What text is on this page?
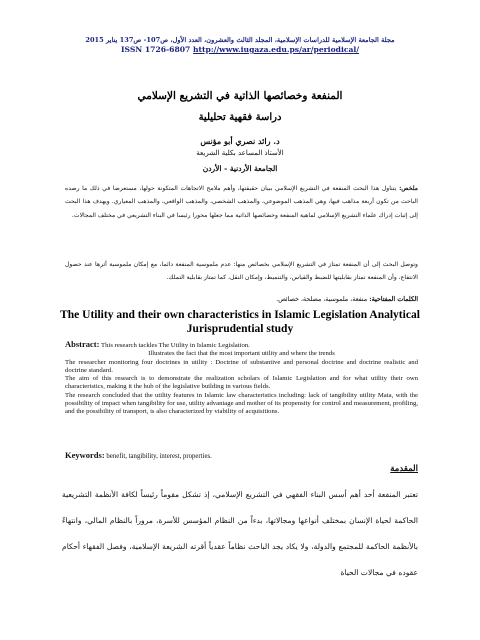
مجلة الجامعة الإسلامية للدراسات الإسلامية، المجلد الثالث والعشرون، العدد الأول، ص107- ص137 يناير 2015
ISSN 1726-6807 http://www.iugaza.edu.ps/ar/periodical/
المنفعة وخصائصها الذاتية في التشريع الإسلامي
دراسة فقهية تحليلية
د. رائد نصري أبو مؤنس
الأستاذ المساعد بكلية الشريعة
الجامعة الأردنية - الأردن
ملخص: يتناول هذا البحث المنفعة في التشريع الإسلامي ببيان حقيقتها، وأهم ملامح الاتجاهات المتكونة حولها، مستعرضا في ذلك ما رصده الباحث من تكون أربعة مذاهب فيها، وهي المذهب الموضوعي، والمذهب الشخصي، والمذهب الواقعي، والمذهب المعياري. ويهدف هذا البحث إلى إثبات إدراك علماء التشريع الإسلامي لماهية المنفعة وخصائصها الذاتية مما جعلها محورا رئيسا في البناء التشريعي في مختلف المجالات.
وتوصل البحث إلى أن المنفعة تمتاز في التشريع الإسلامي بخصائص منها: عدم ملموسية المنفعة دائما، مع إمكان ملموسية أثرها عند حصول الانتفاع، وأن المنفعة تمتاز بقابليتها للضبط والقياس، والتنميط، وإمكان النقل، كما تمتاز بقابلية التملك.
الكلمات المفتاحية: منفعة، ملموسية، مصلحة، خصائص.
The Utility and their own characteristics in Islamic Legislation Analytical Jurisprudential study

Abstract: This research tackles The Utility in Islamic Legislation.

Illustrates the fact that the most important utility and where the trends

The researcher monitoring four doctrines in utility : Doctrine of substantive and personal doctrine and doctrine realistic and doctrine standard.

The aim of this research is to demonstrate the realization scholars of Islamic Legislation and for what utility their own characteristics, making it the hub of the legislative building in various fields.

The research concluded that the utility features in Islamic law characteristics including: lack of tangibility utility Mata, with the possibility of impact when tangibility for use, utility advantage and mother of its propensity for control and measurement, profiling, and the possibility of transport, is also characterized by viability of acquisitions.

Keywords: benefit, tangibility, interest, properties.
المقدمة
تعتبر المنفعة أحد أهم أسس البناء الفقهي في التشريع الإسلامي، إذ تشكل مقوماً رئيساً لكافة الأنظمة التشريعية الحاكمة لحياة الإنسان بمختلف أنواعها ومجالاتها، بدءاً من النظام المؤسس للأسرة، مروراً بالنظام المالي، وانتهاءً بالأنظمة الحاكمة للمجتمع والدولة، ولا يكاد يجد الباحث نظاماً عقدياً أقرته الشريعة الإسلامية، وفصل الفقهاء أحكام عقوده في مجالات الحياة
